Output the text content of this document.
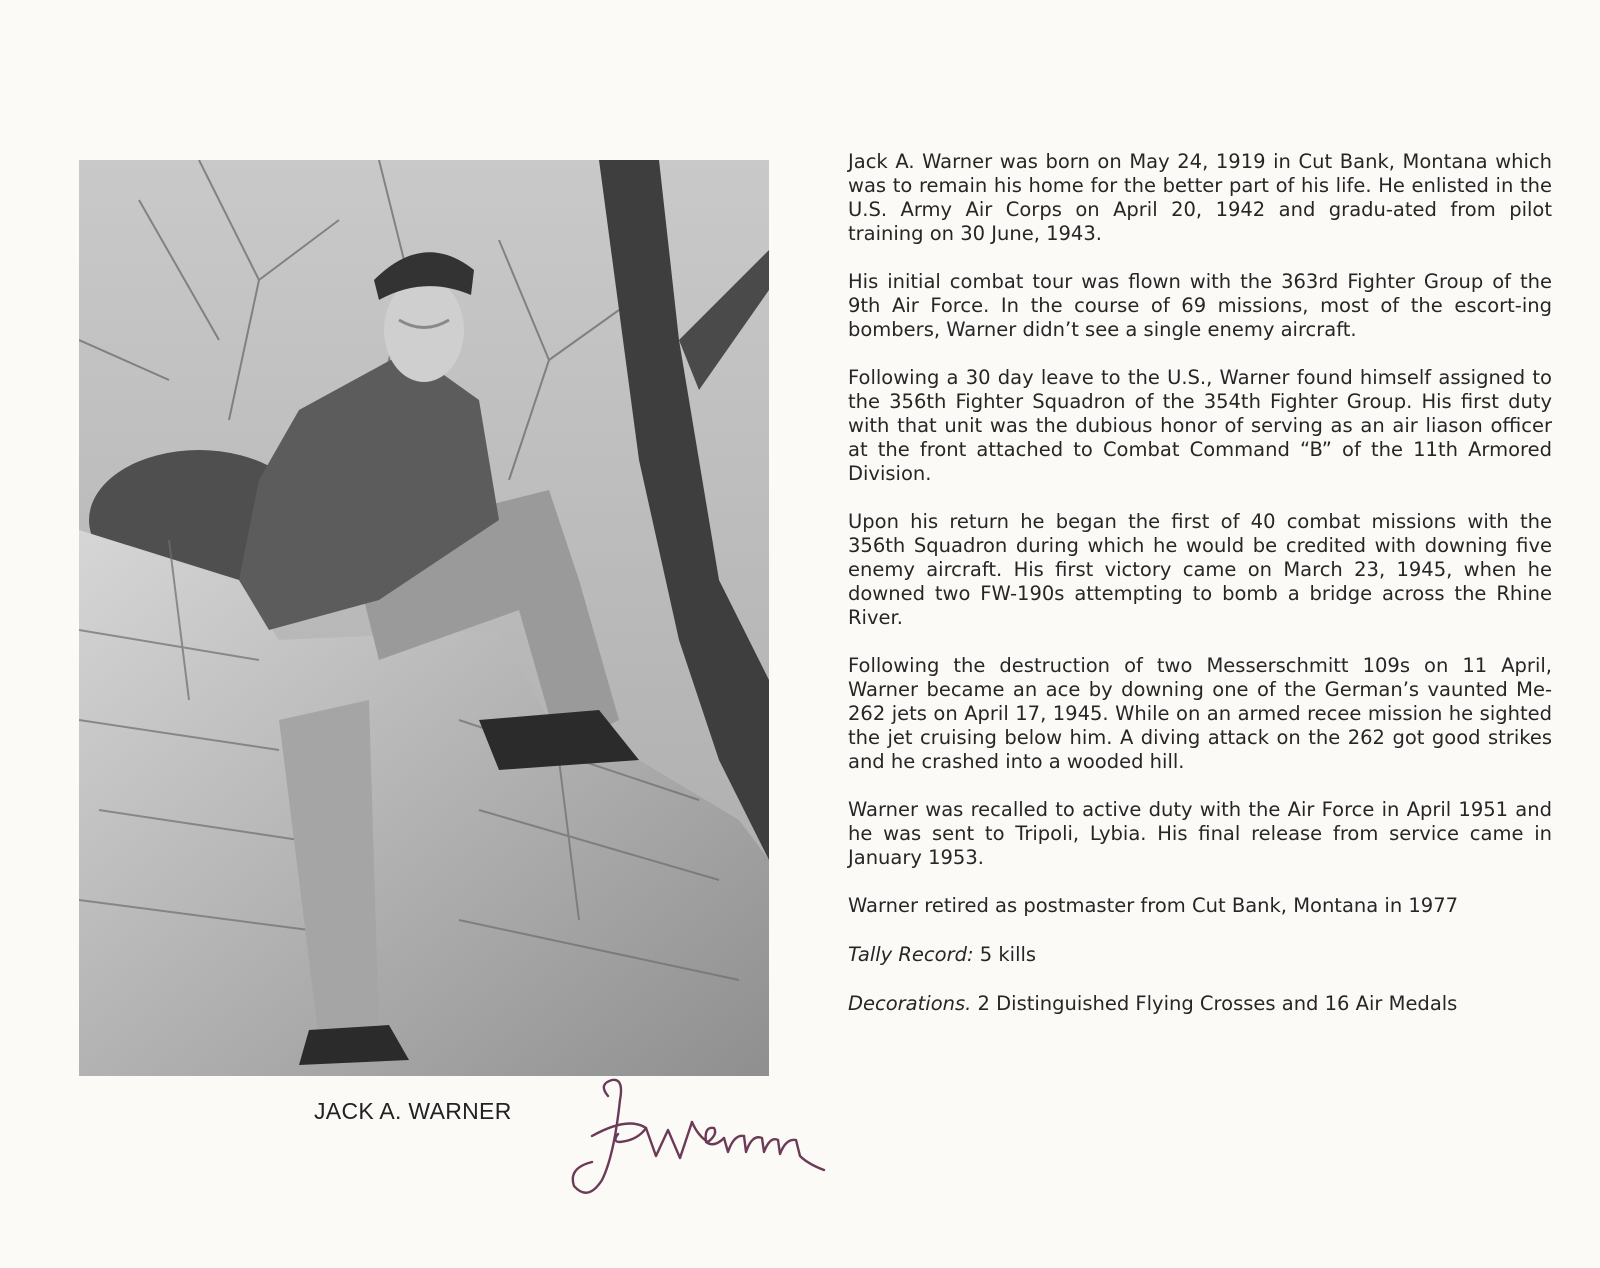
JACK A. WARNER

Jack A. Warner was born on May 24, 1919 in Cut Bank, Montana which was to remain his home for the better part of his life. He enlisted in the U.S. Army Air Corps on April 20, 1942 and gradu-ated from pilot training on 30 June, 1943.

His initial combat tour was flown with the 363rd Fighter Group of the 9th Air Force. In the course of 69 missions, most of the escort-ing bombers, Warner didn’t see a single enemy aircraft.

Following a 30 day leave to the U.S., Warner found himself assigned to the 356th Fighter Squadron of the 354th Fighter Group. His first duty with that unit was the dubious honor of serving as an air liason officer at the front attached to Combat Command “B” of the 11th Armored Division.

Upon his return he began the first of 40 combat missions with the 356th Squadron during which he would be credited with downing five enemy aircraft. His first victory came on March 23, 1945, when he downed two FW-190s attempting to bomb a bridge across the Rhine River.

Following the destruction of two Messerschmitt 109s on 11 April, Warner became an ace by downing one of the German’s vaunted Me-262 jets on April 17, 1945. While on an armed recee mission he sighted the jet cruising below him. A diving attack on the 262 got good strikes and he crashed into a wooded hill.

Warner was recalled to active duty with the Air Force in April 1951 and he was sent to Tripoli, Lybia. His final release from service came in January 1953.

Warner retired as postmaster from Cut Bank, Montana in 1977

Tally Record: 5 kills

Decorations. 2 Distinguished Flying Crosses and 16 Air Medals
